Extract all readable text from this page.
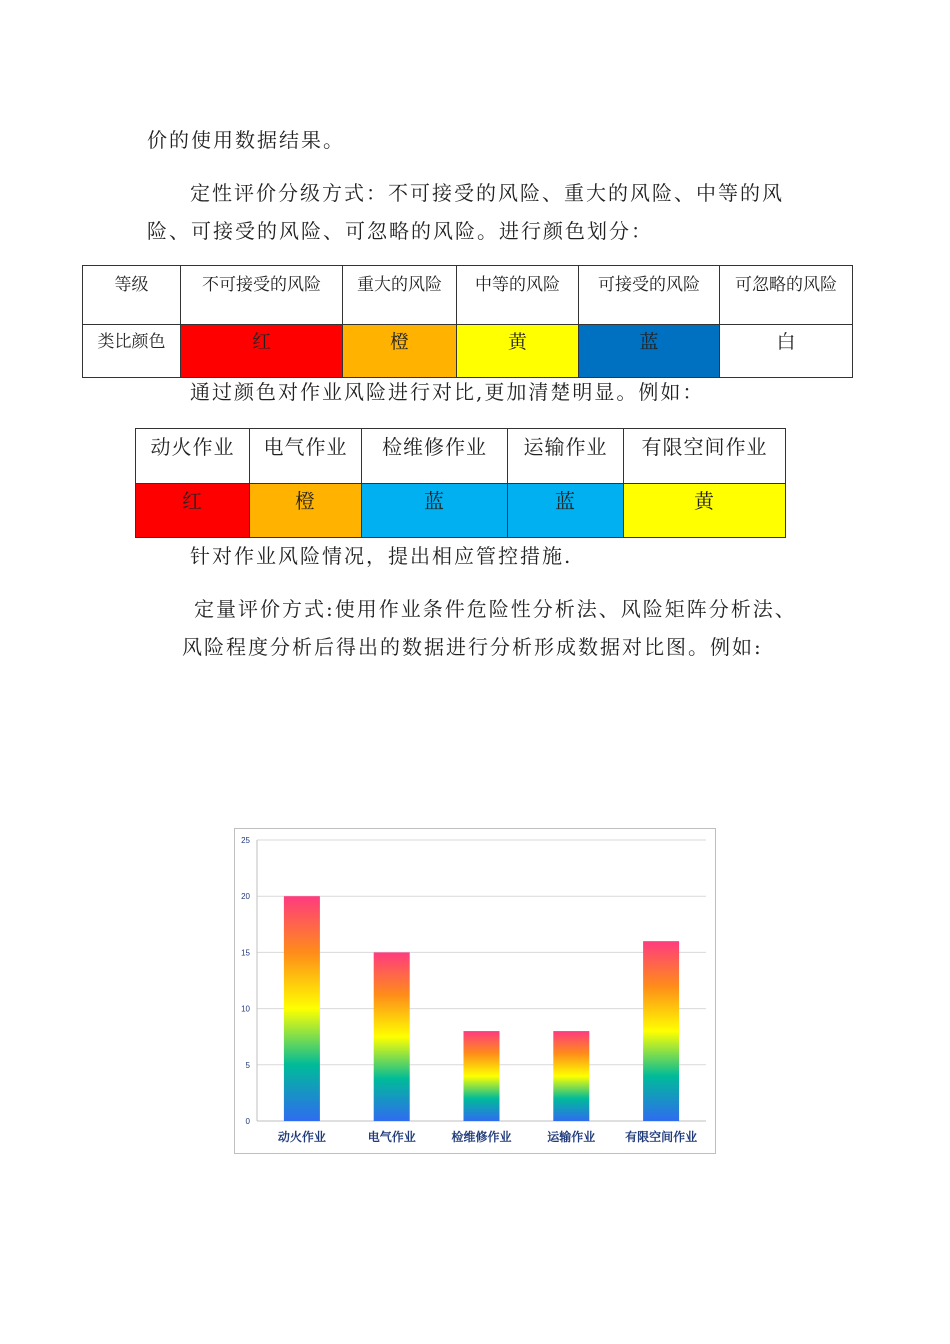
价的使用数据结果。

定性评价分级方式：不可接受的风险、重大的风险、中等的风

险、可接受的风险、可忽略的风险。进行颜色划分：

等级	不可接受的风险	重大的风险	中等的风险	可接受的风险	可忽略的风险
类比颜色	红	橙	黄	蓝	白

通过颜色对作业风险进行对比,更加清楚明显。例如：

动火作业	电气作业	检维修作业	运输作业	有限空间作业
红	橙	蓝	蓝	黄

针对作业风险情况，提出相应管控措施.

定量评价方式:使用作业条件危险性分析法、风险矩阵分析法、

风险程度分析后得出的数据进行分析形成数据对比图。例如:

0
5
10
15
20
25
动火作业	电气作业	检维修作业	运输作业 有限空间作业
